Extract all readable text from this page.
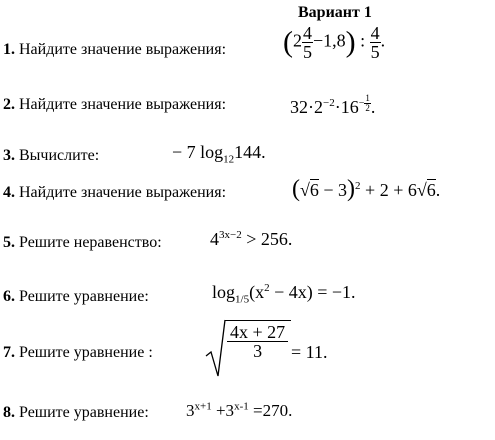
Вариант 1
1. Найдите значение выражения: $(2 \frac{4}{5} -1,8)$ : $\frac{4}{5}$ .
2. Найдите значение выражения:	$32\cdot 2^{-2}\cdot 16^{- \frac{1}{2}}$ .
3. Вычислите:	− 7 $\log_{12}144$.
4. Найдите значение выражения:	$(√6 - 3)^2 + 2 + 6√6$.
5. Решите неравенство:	$4^{3x-2} > 256$.
6. Решите уравнение:	$\log_{1/5}(x^2 - 4x) = -1$.
7. Решите уравнение :	$\frac{4x + 27}{3} = 11$.
8. Решите уравнение: $3^{x+1} +3^{x-1} =270$.
